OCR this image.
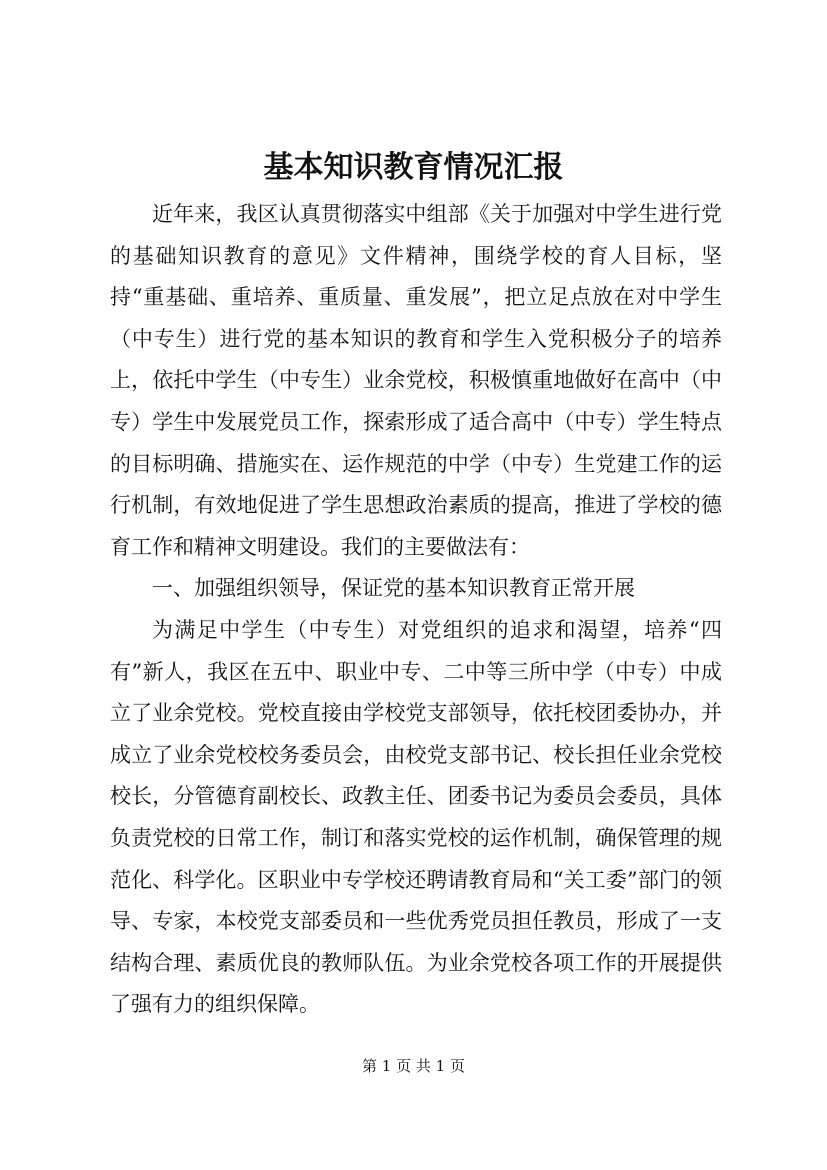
基本知识教育情况汇报

近年来，我区认真贯彻落实中组部《关于加强对中学生进行党的基础知识教育的意见》文件精神，围绕学校的育人目标，坚持“重基础、重培养、重质量、重发展”，把立足点放在对中学生（中专生）进行党的基本知识的教育和学生入党积极分子的培养上，依托中学生（中专生）业余党校，积极慎重地做好在高中（中专）学生中发展党员工作，探索形成了适合高中（中专）学生特点的目标明确、措施实在、运作规范的中学（中专）生党建工作的运行机制，有效地促进了学生思想政治素质的提高，推进了学校的德育工作和精神文明建设。我们的主要做法有：

一、加强组织领导，保证党的基本知识教育正常开展

为满足中学生（中专生）对党组织的追求和渴望，培养“四有”新人，我区在五中、职业中专、二中等三所中学（中专）中成立了业余党校。党校直接由学校党支部领导，依托校团委协办，并成立了业余党校校务委员会，由校党支部书记、校长担任业余党校校长，分管德育副校长、政教主任、团委书记为委员会委员，具体负责党校的日常工作，制订和落实党校的运作机制，确保管理的规范化、科学化。区职业中专学校还聘请教育局和“关工委”部门的领导、专家，本校党支部委员和一些优秀党员担任教员，形成了一支结构合理、素质优良的教师队伍。为业余党校各项工作的开展提供了强有力的组织保障。

第 1 页 共 1 页
